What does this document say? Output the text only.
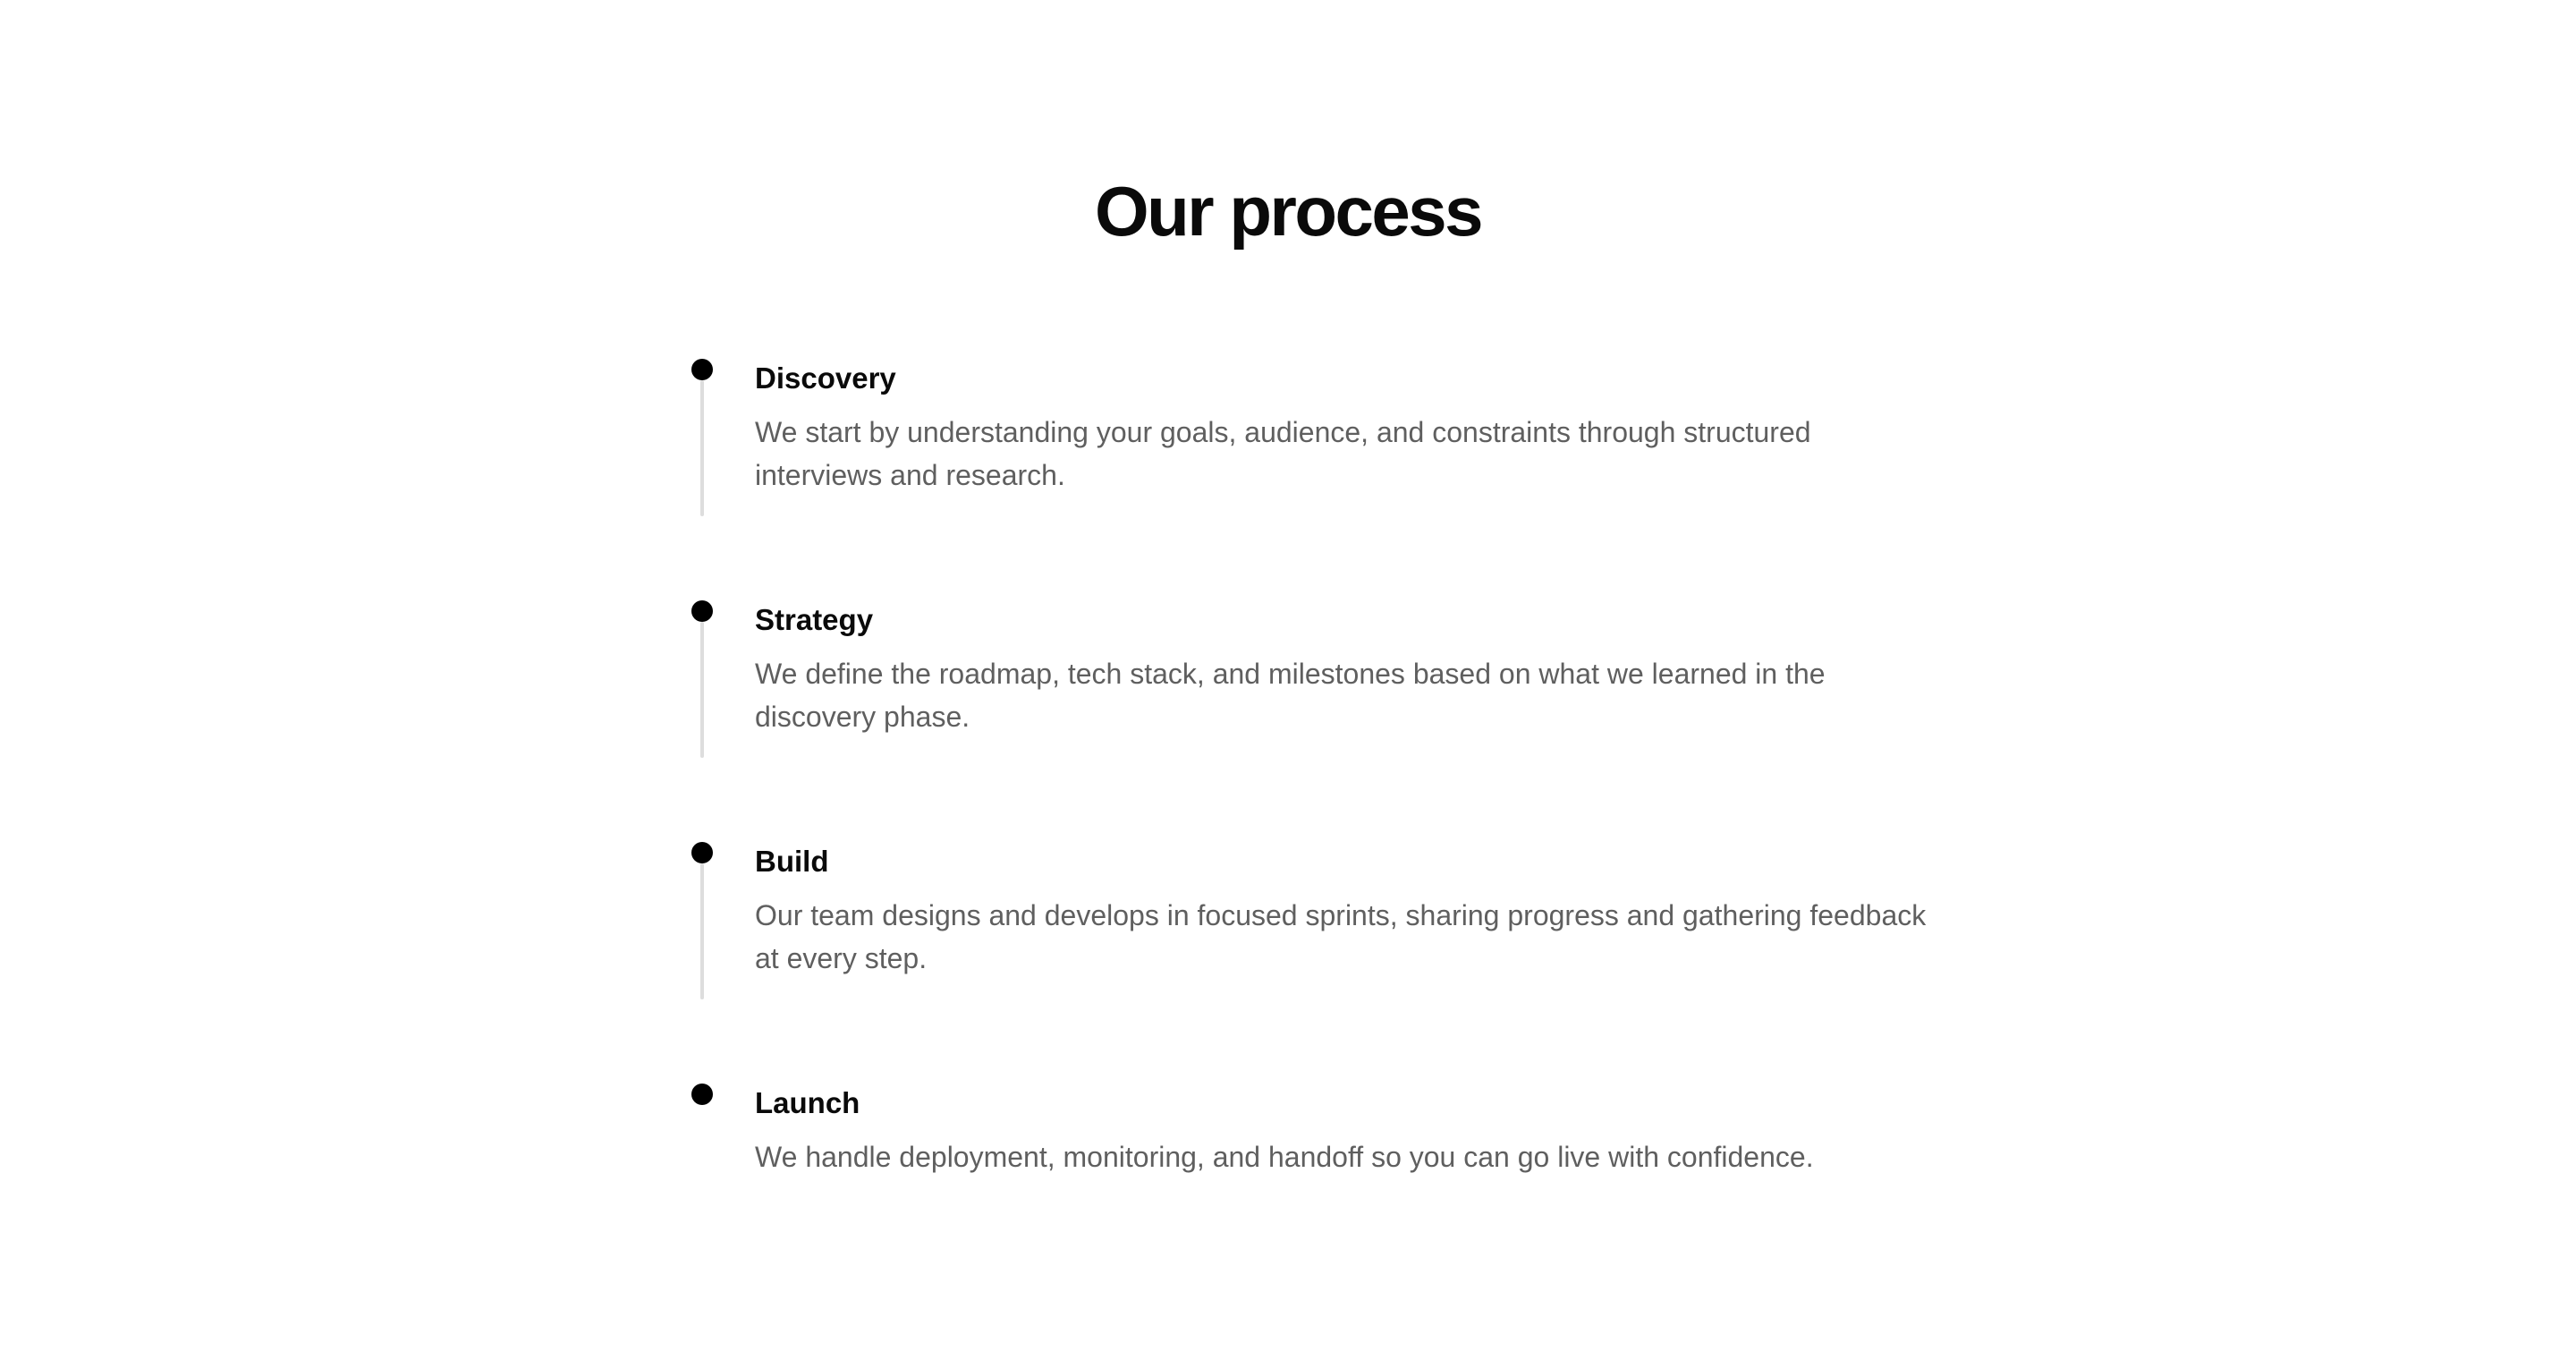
Our process
Discovery

We start by understanding your goals, audience, and constraints through structured interviews and research.

Strategy

We define the roadmap, tech stack, and milestones based on what we learned in the discovery phase.

Build

Our team designs and develops in focused sprints, sharing progress and gathering feedback at every step.

Launch

We handle deployment, monitoring, and handoff so you can go live with confidence.
